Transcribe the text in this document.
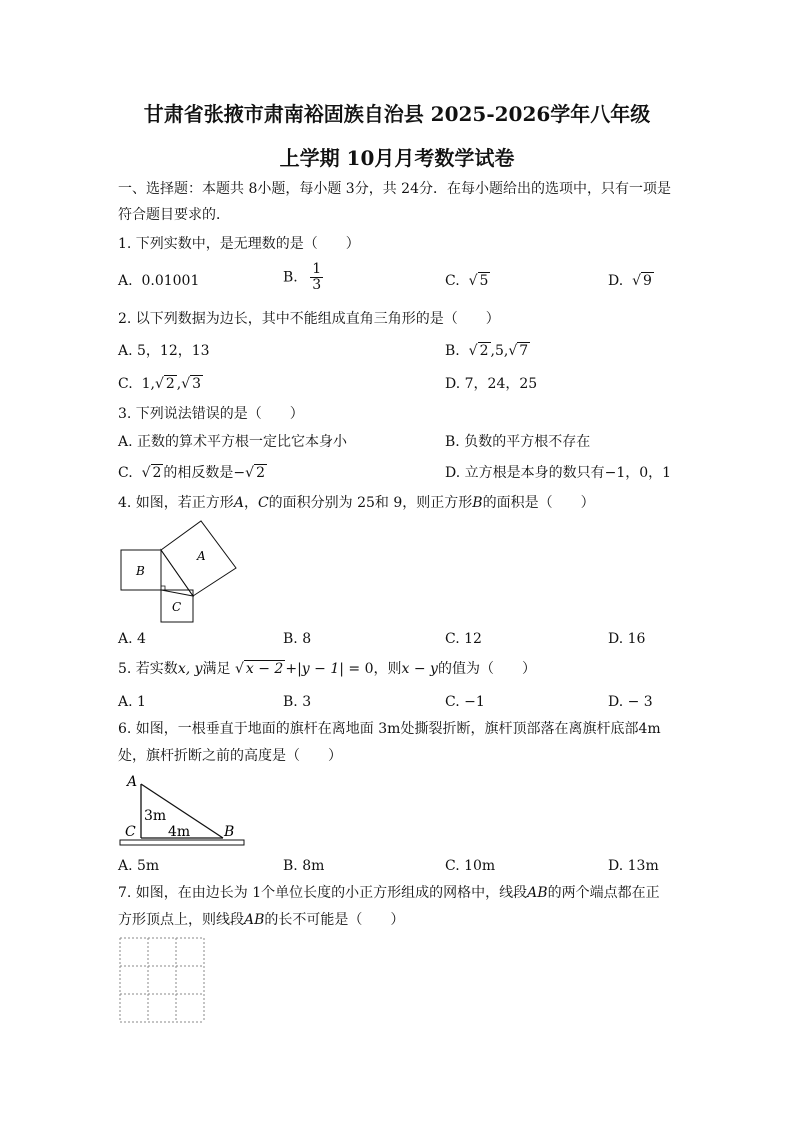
甘肃省张掖市肃南裕固族自治县 2025-2026学年八年级
上学期 10月月考数学试卷
一、选择题：本题共 8小题，每小题 3分，共 24分．在每小题给出的选项中，只有一项是
符合题目要求的．
1. 下列实数中，是无理数的是（　　）
A. 0.01001	B. $\frac{1}{3}$	C. √ 5	D. √ 9
2. 以下列数据为边长，其中不能组成直角三角形的是（　　）
A. 5，12，13	B. √ 2 ,5,√ 7
C. 1,√ 2 ,√ 3	D. 7，24，25
3. 下列说法错误的是（　　）
A. 正数的算术平方根一定比它本身小	B. 负数的平方根不存在
C. √ 2 的相反数是−√ 2	D. 立方根是本身的数只有−1，0，1
4. 如图，若正方形A，C的面积分别为 25和 9，则正方形B的面积是（　　）
A
B
C
A. 4	B. 8	C. 12	D. 16
5. 若实数x, y满足 √ x − 2 +|y − 1| = 0，则x − y的值为（　　）
A. 1	B. 3	C. −1	D. − 3
6. 如图，一根垂直于地面的旗杆在离地面 3m处撕裂折断，旗杆顶部落在离旗杆底部4m
处，旗杆折断之前的高度是（　　）
A
C	B
3m
4m
A. 5m	B. 8m	C. 10m	D. 13m
7. 如图，在由边长为 1个单位长度的小正方形组成的网格中，线段AB的两个端点都在正
方形顶点上，则线段AB的长不可能是（　　）
